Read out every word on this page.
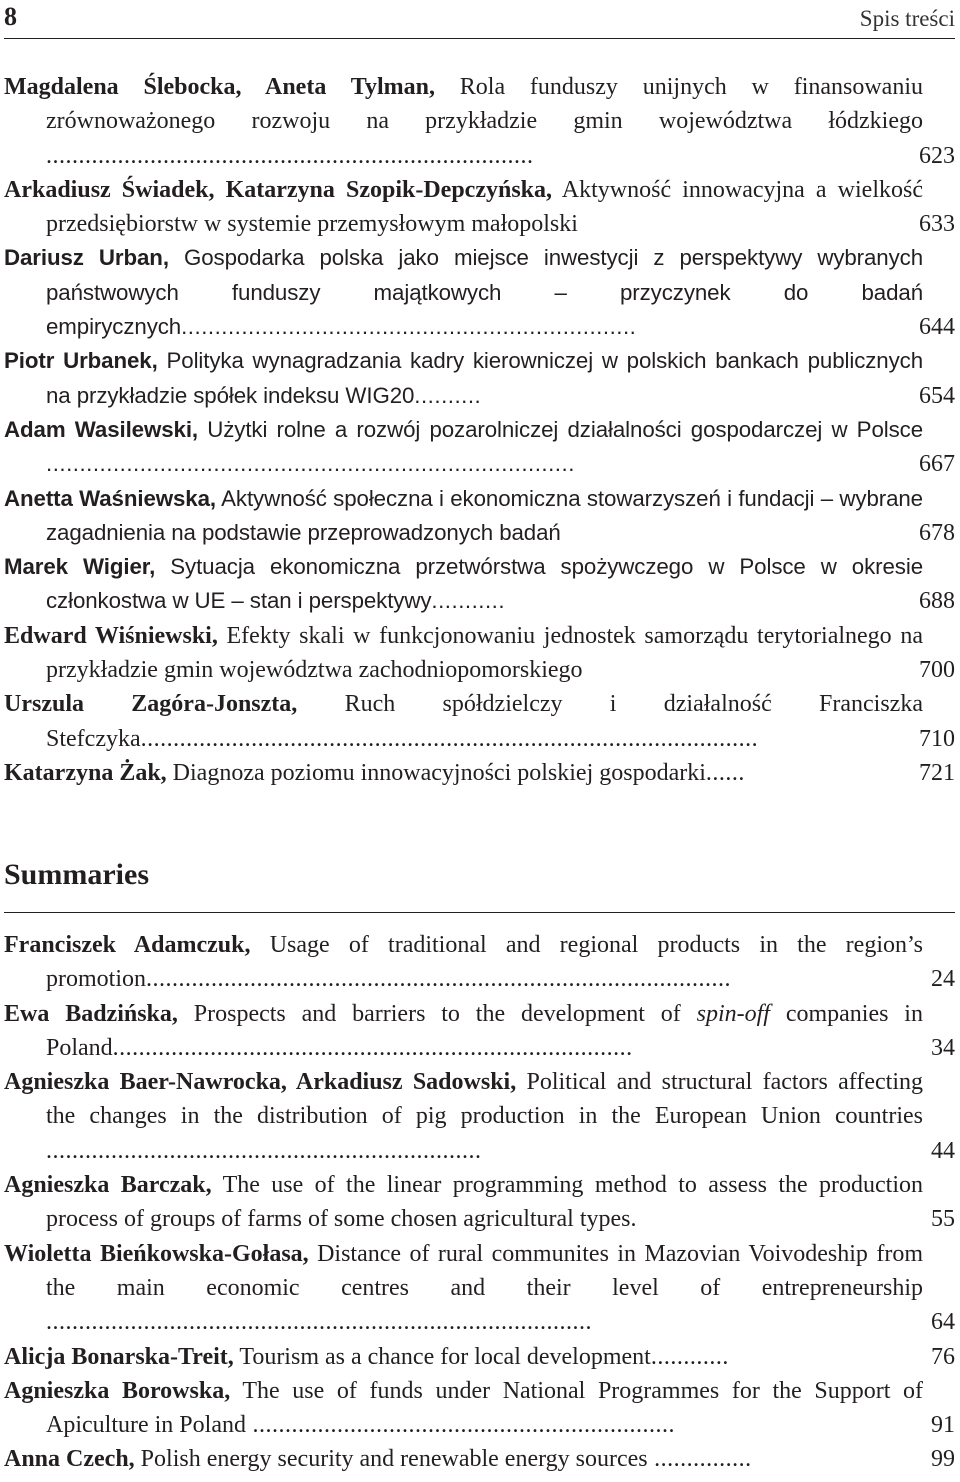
8	Spis treści
Magdalena Ślebocka, Aneta Tylman, Rola funduszy unijnych w finansowaniu zrównoważonego rozwoju na przykładzie gmin województwa łódzkiego ...........................................................................	623
Arkadiusz Świadek, Katarzyna Szopik-Depczyńska, Aktywność innowacyjna a wielkość przedsiębiorstw w systemie przemysłowym małopolski	633
Dariusz Urban, Gospodarka polska jako miejsce inwestycji z perspektywy wybranych państwowych funduszy majątkowych – przyczynek do badań empirycznych....................................................................	644
Piotr Urbanek, Polityka wynagradzania kadry kierowniczej w polskich bankach publicznych na przykładzie spółek indeksu WIG20..........	654
Adam Wasilewski, Użytki rolne a rozwój pozarolniczej działalności gospodarczej w Polsce ...............................................................................	667
Anetta Waśniewska, Aktywność społeczna i ekonomiczna stowarzyszeń i fundacji – wybrane zagadnienia na podstawie przeprowadzonych badań	678
Marek Wigier, Sytuacja ekonomiczna przetwórstwa spożywczego w Polsce w okresie członkostwa w UE – stan i perspektywy...........	688
Edward Wiśniewski, Efekty skali w funkcjonowaniu jednostek samorządu terytorialnego na przykładzie gmin województwa zachodniopomorskiego	700
Urszula Zagóra-Jonszta, Ruch spółdzielczy i działalność Franciszka Stefczyka...............................................................................................	710
Katarzyna Żak, Diagnoza poziomu innowacyjności polskiej gospodarki......	721
Summaries
Franciszek Adamczuk, Usage of traditional and regional products in the region’s promotion..........................................................................................	24
Ewa Badzińska, Prospects and barriers to the development of spin-off companies in Poland................................................................................	34
Agnieszka Baer-Nawrocka, Arkadiusz Sadowski, Political and structural factors affecting the changes in the distribution of pig production in the European Union countries ...................................................................	44
Agnieszka Barczak, The use of the linear programming method to assess the production process of groups of farms of some chosen agricultural types.	55
Wioletta Bieńkowska-Gołasa, Distance of rural communites in Mazovian Voivodeship from the main economic centres and their level of entrepreneurship ....................................................................................	64
Alicja Bonarska-Treit, Tourism as a chance for local development............	76
Agnieszka Borowska, The use of funds under National Programmes for the Support of Apiculture in Poland .................................................................	91
Anna Czech, Polish energy security and renewable energy sources ...............	99
